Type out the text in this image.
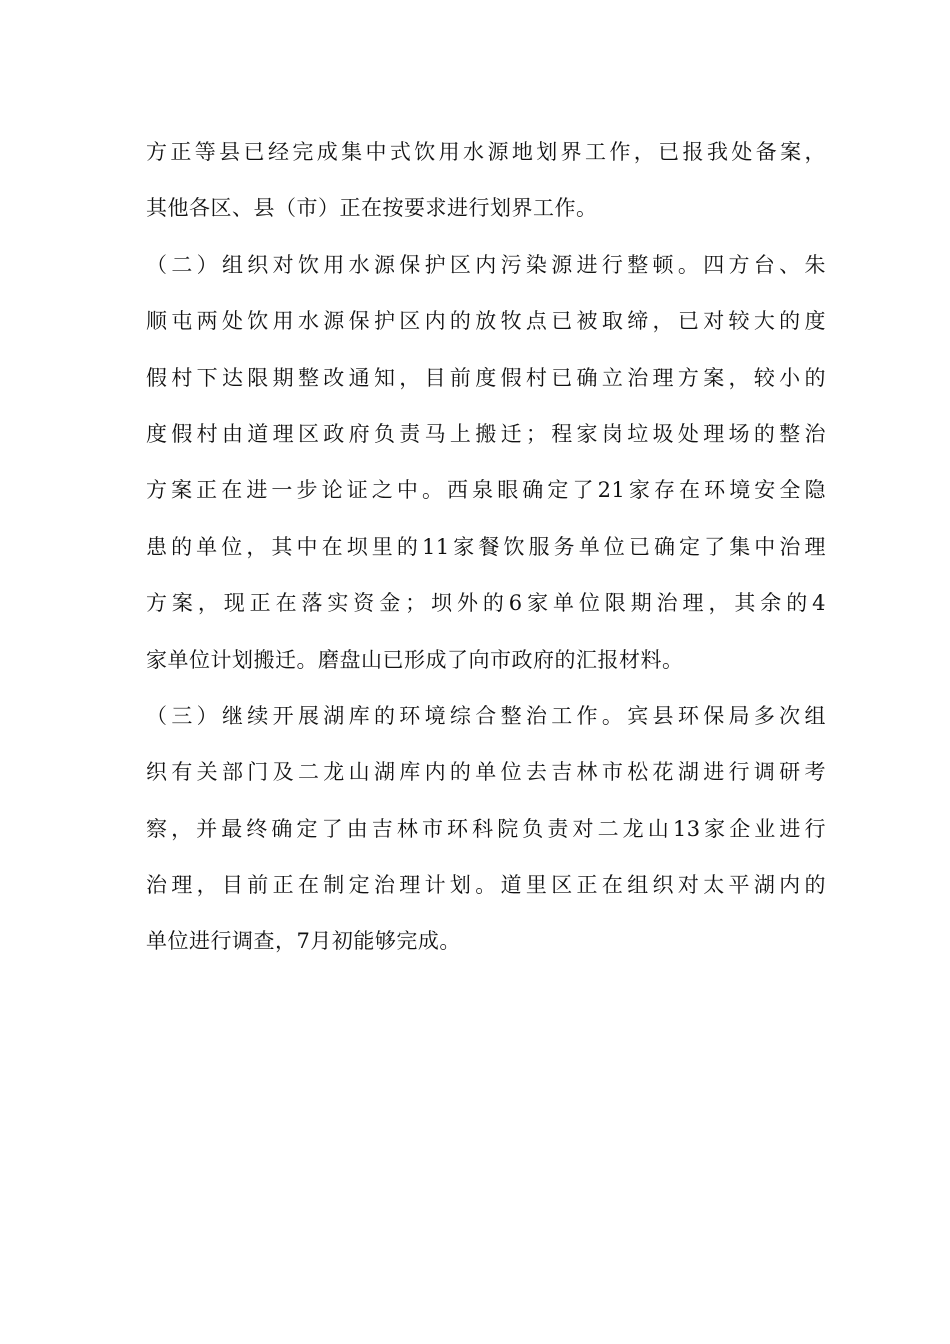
方正等县已经完成集中式饮用水源地划界工作，已报我处备案，
其他各区、县（市）正在按要求进行划界工作。
（二）组织对饮用水源保护区内污染源进行整顿。四方台、朱
顺屯两处饮用水源保护区内的放牧点已被取缔，已对较大的度
假村下达限期整改通知，目前度假村已确立治理方案，较小的
度假村由道理区政府负责马上搬迁；程家岗垃圾处理场的整治
方案正在进一步论证之中。西泉眼确定了21家存在环境安全隐
患的单位，其中在坝里的11家餐饮服务单位已确定了集中治理
方案，现正在落实资金；坝外的6家单位限期治理，其余的4
家单位计划搬迁。磨盘山已形成了向市政府的汇报材料。
（三）继续开展湖库的环境综合整治工作。宾县环保局多次组
织有关部门及二龙山湖库内的单位去吉林市松花湖进行调研考
察，并最终确定了由吉林市环科院负责对二龙山13家企业进行
治理，目前正在制定治理计划。道里区正在组织对太平湖内的
单位进行调查，7月初能够完成。
